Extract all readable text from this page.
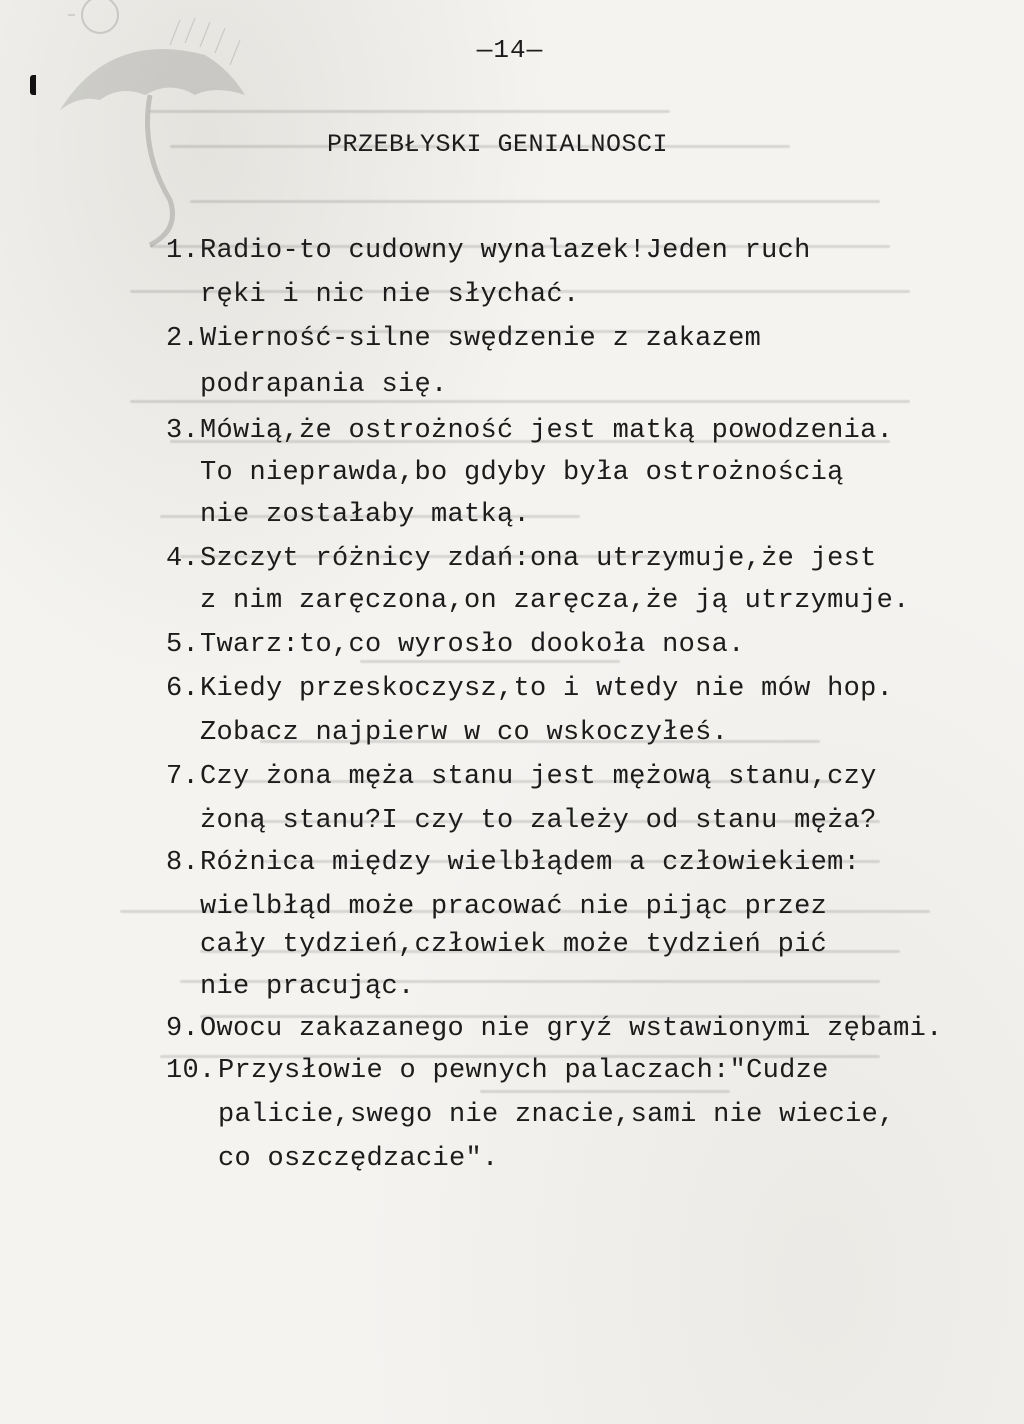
—14—
PRZEBŁYSKI GENIALNOSCI
1. Radio-to cudowny wynalazek!Jeden ruch
ręki i nic nie słychać.
2. Wierność-silne swędzenie z zakazem
podrapania się.
3. Mówią,że ostrożność jest matką powodzenia.
To nieprawda,bo gdyby była ostrożnością
nie zostałaby matką.
4. Szczyt różnicy zdań:ona utrzymuje,że jest
z nim zaręczona,on zaręcza,że ją utrzymuje.
5. Twarz:to,co wyrosło dookoła nosa.
6. Kiedy przeskoczysz,to i wtedy nie mów hop.
Zobacz najpierw w co wskoczyłeś.
7. Czy żona męża stanu jest mężową stanu,czy
żoną stanu?I czy to zależy od stanu męża?
8. Różnica między wielbłądem a człowiekiem:
wielbłąd może pracować nie pijąc przez
cały tydzień,człowiek może tydzień pić
nie pracując.
9. Owocu zakazanego nie gryź wstawionymi zębami.
10. Przysłowie o pewnych palaczach:"Cudze
palicie,swego nie znacie,sami nie wiecie,
co oszczędzacie".
